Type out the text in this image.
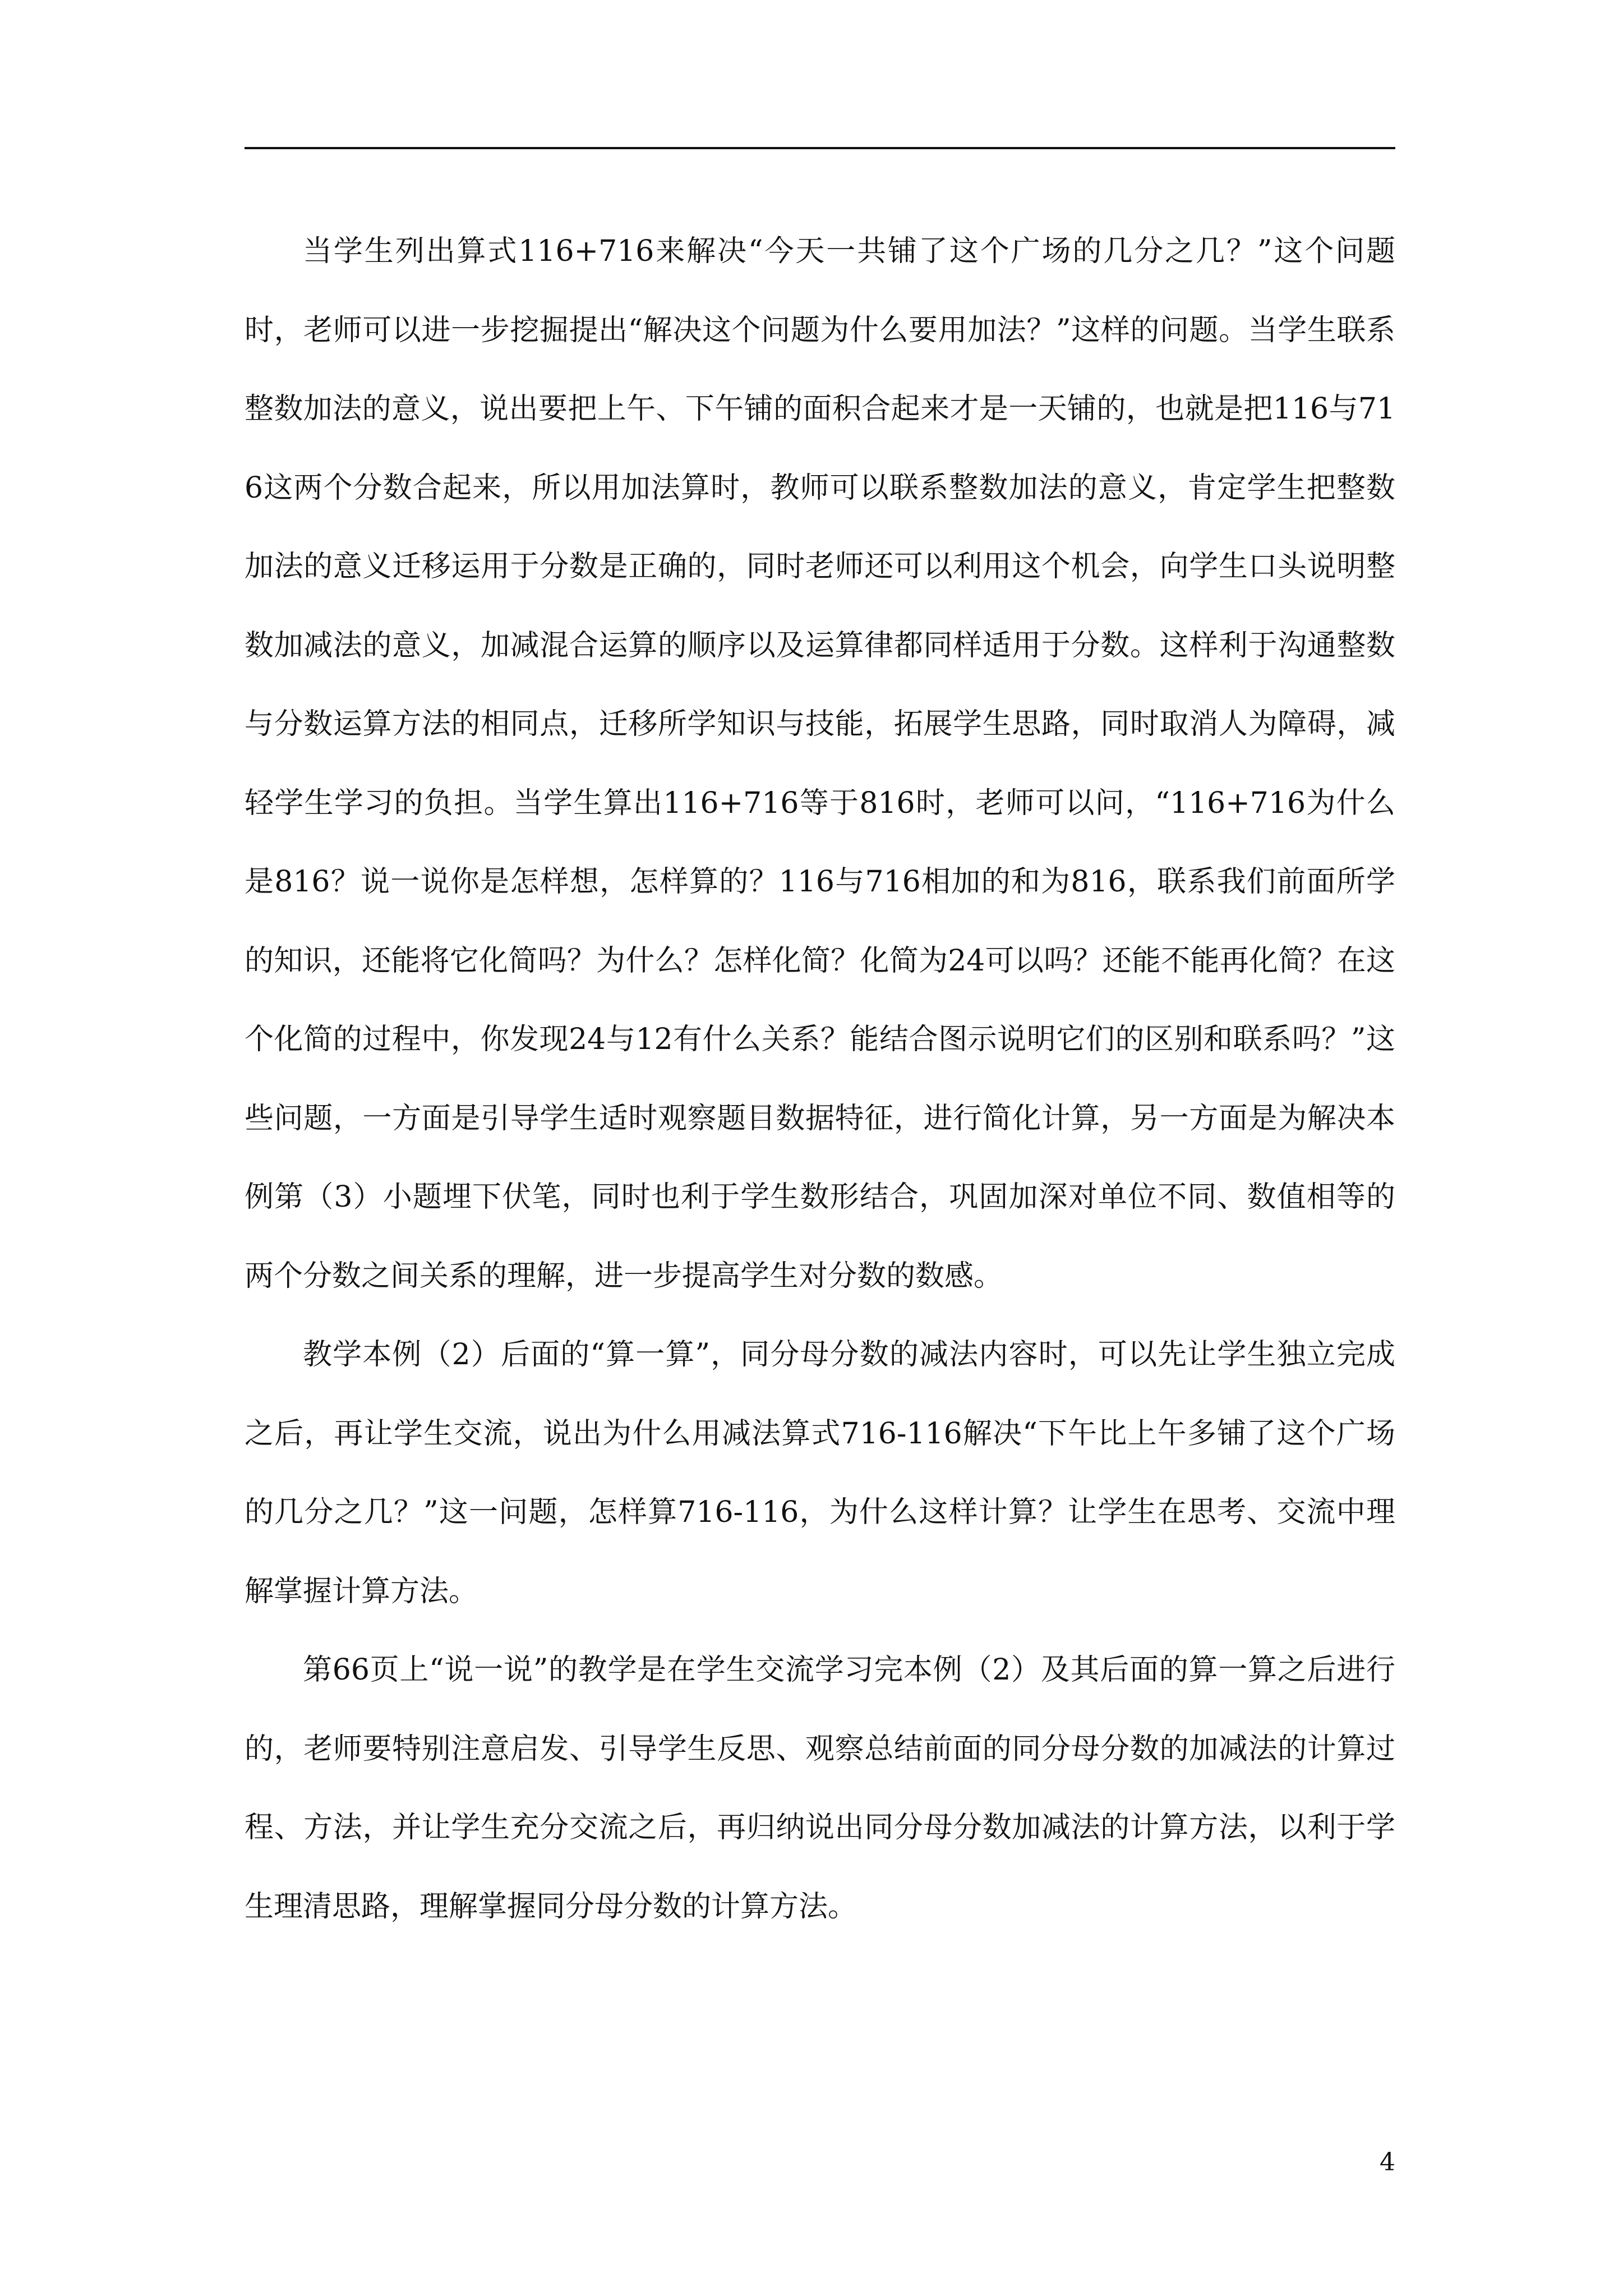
当学生列出算式116+716来解决“今天一共铺了这个广场的几分之几？”这个问题时，老师可以进一步挖掘提出“解决这个问题为什么要用加法？”这样的问题。当学生联系整数加法的意义，说出要把上午、下午铺的面积合起来才是一天铺的，也就是把116与716这两个分数合起来，所以用加法算时，教师可以联系整数加法的意义，肯定学生把整数加法的意义迁移运用于分数是正确的，同时老师还可以利用这个机会，向学生口头说明整数加减法的意义，加减混合运算的顺序以及运算律都同样适用于分数。这样利于沟通整数与分数运算方法的相同点，迁移所学知识与技能，拓展学生思路，同时取消人为障碍，减轻学生学习的负担。当学生算出116+716等于816时，老师可以问，“116+716为什么是816？说一说你是怎样想，怎样算的？116与716相加的和为816，联系我们前面所学的知识，还能将它化简吗？为什么？怎样化简？化简为24可以吗？还能不能再化简？在这个化简的过程中，你发现24与12有什么关系？能结合图示说明它们的区别和联系吗？”这些问题，一方面是引导学生适时观察题目数据特征，进行简化计算，另一方面是为解决本例第（3）小题埋下伏笔，同时也利于学生数形结合，巩固加深对单位不同、数值相等的两个分数之间关系的理解，进一步提高学生对分数的数感。

教学本例（2）后面的“算一算”，同分母分数的减法内容时，可以先让学生独立完成之后，再让学生交流，说出为什么用减法算式716-116解决“下午比上午多铺了这个广场的几分之几？”这一问题，怎样算716-116，为什么这样计算？让学生在思考、交流中理解掌握计算方法。

第66页上“说一说”的教学是在学生交流学习完本例（2）及其后面的算一算之后进行的，老师要特别注意启发、引导学生反思、观察总结前面的同分母分数的加减法的计算过程、方法，并让学生充分交流之后，再归纳说出同分母分数加减法的计算方法，以利于学生理清思路，理解掌握同分母分数的计算方法。

4
